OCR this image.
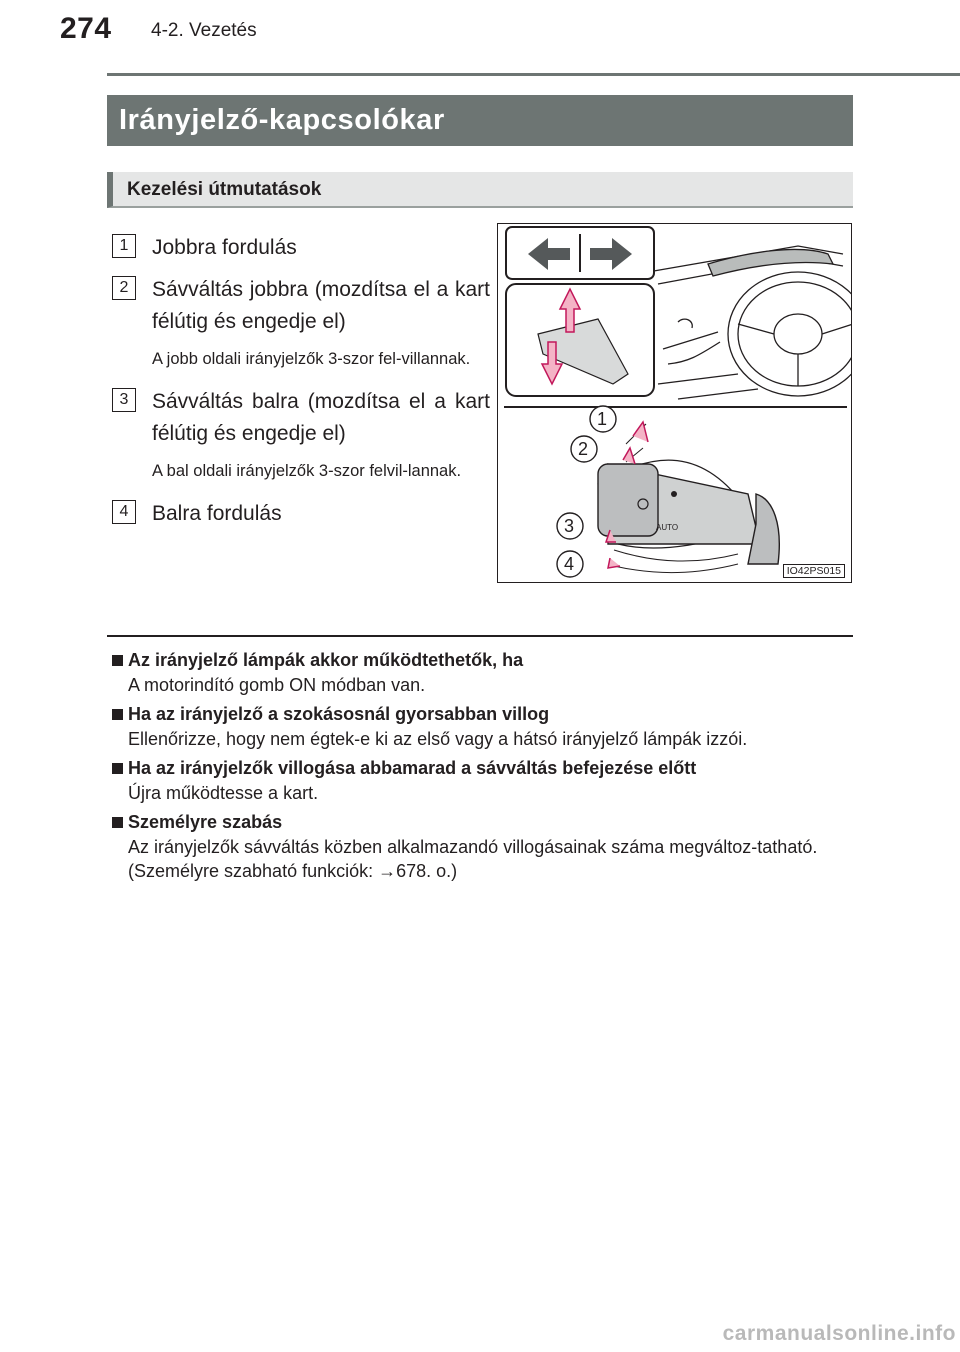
274 4-2. Vezetés
Irányjelző-kapcsolókar
Kezelési útmutatások
1	Jobbra fordulás
2	Sávváltás jobbra (mozdítsa el a kart félútig és engedje el)
A jobb oldali irányjelzők 3-szor fel-villannak.
3	Sávváltás balra (mozdítsa el a kart félútig és engedje el)
A bal oldali irányjelzők 3-szor felvil-lannak.
4	Balra fordulás
AUTO
1
2
3
4	IO42PS015
Az irányjelző lámpák akkor működtethetők, ha
A motorindító gomb ON módban van.
Ha az irányjelző a szokásosnál gyorsabban villog
Ellenőrizze, hogy nem égtek-e ki az első vagy a hátsó irányjelző lámpák izzói.
Ha az irányjelzők villogása abbamarad a sávváltás befejezése előtt
Újra működtesse a kart.
Személyre szabás
Az irányjelzők sávváltás közben alkalmazandó villogásainak száma megváltoz-tatható. (Személyre szabható funkciók: →678. o.)
carmanualsonline.info
